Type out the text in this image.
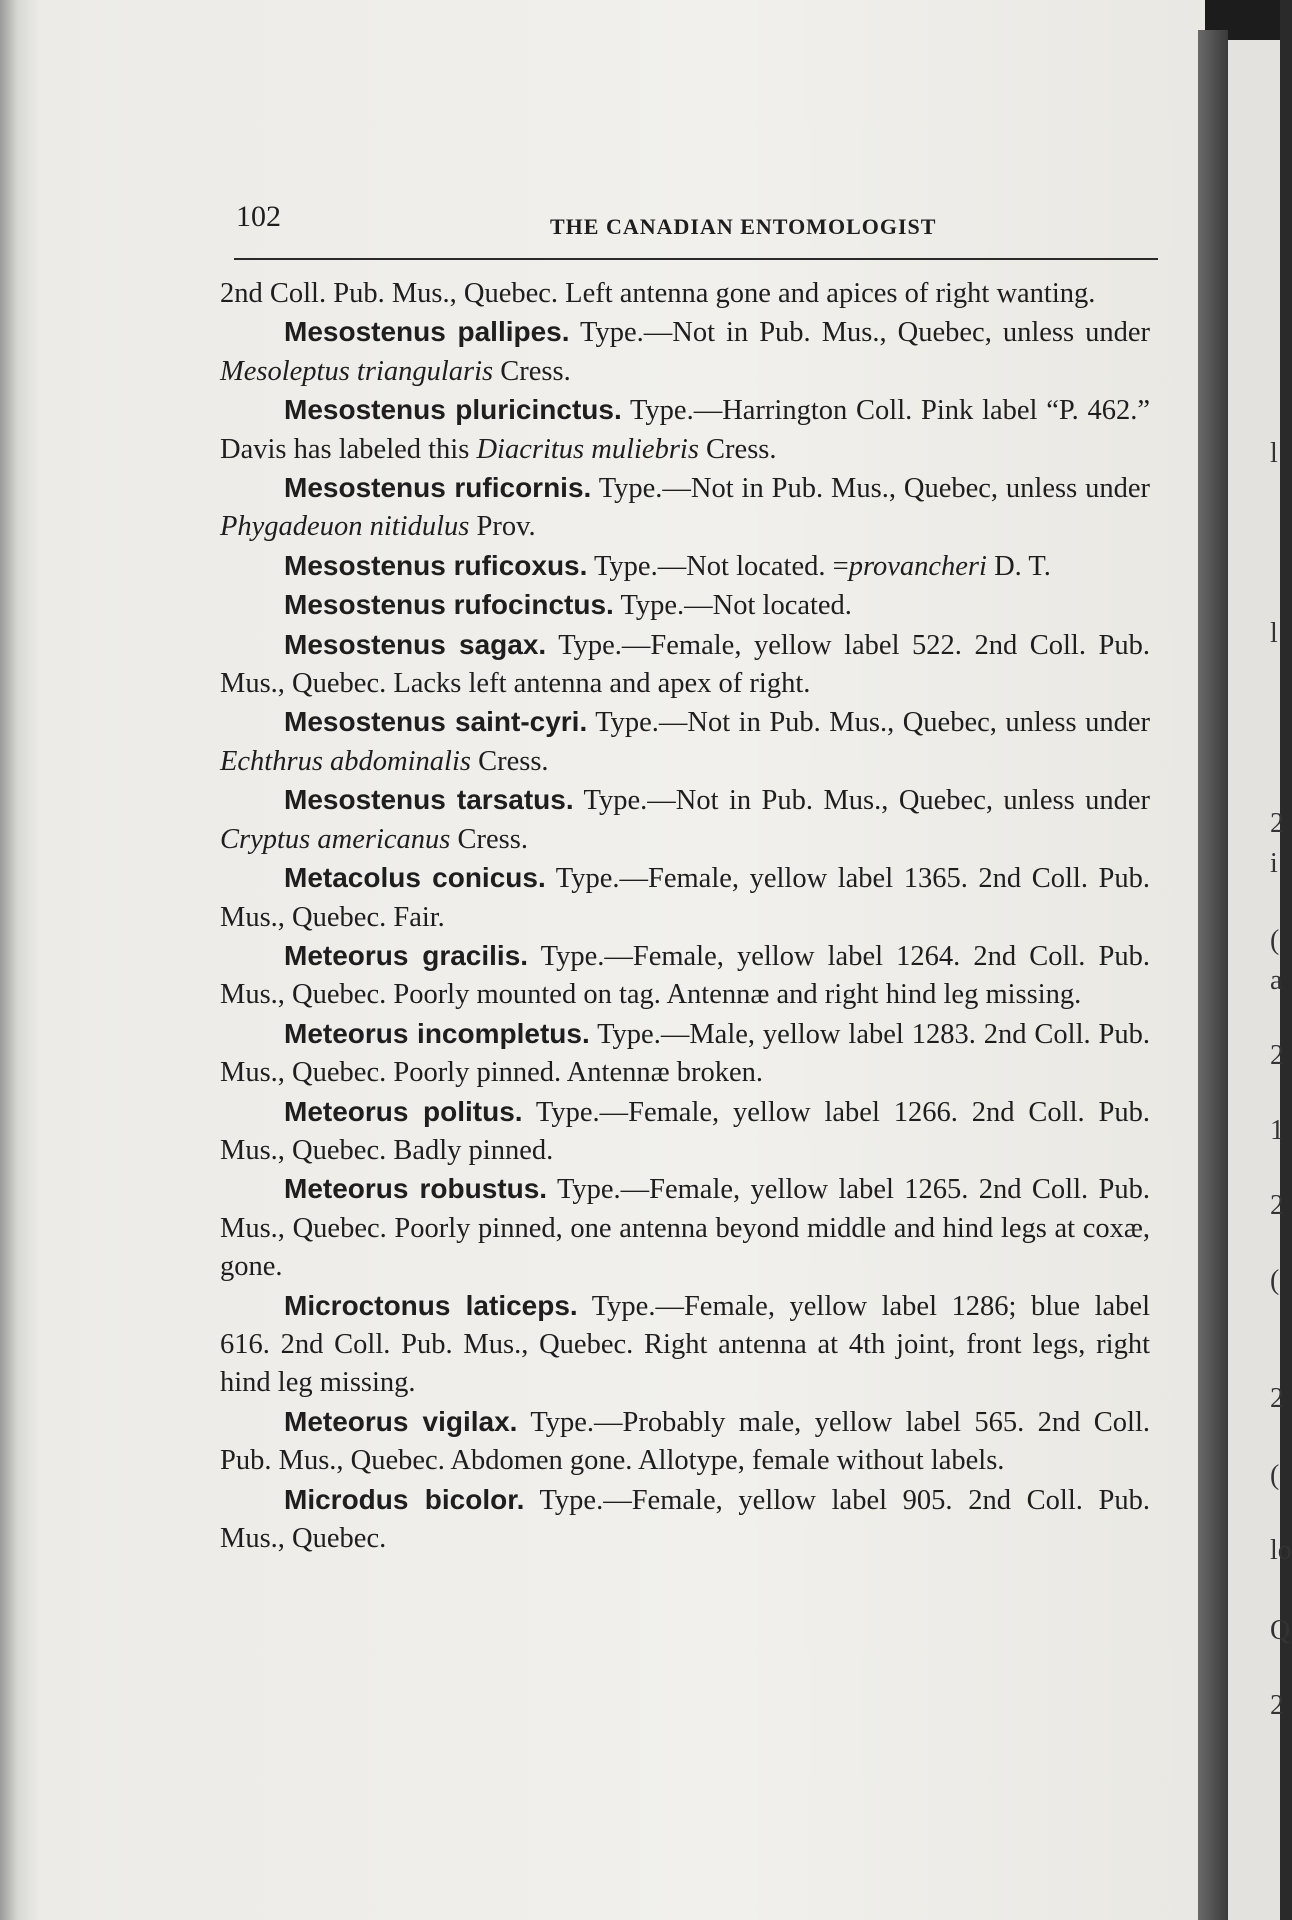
102	THE CANADIAN ENTOMOLOGIST

2nd Coll. Pub. Mus., Quebec. Left antenna gone and apices of right wanting.

Mesostenus pallipes. Type.—Not in Pub. Mus., Quebec, unless under Mesoleptus triangularis Cress.

Mesostenus pluricinctus. Type.—Harrington Coll. Pink label “P. 462.” Davis has labeled this Diacritus muliebris Cress.

Mesostenus ruficornis. Type.—Not in Pub. Mus., Quebec, unless under Phygadeuon nitidulus Prov.

Mesostenus ruficoxus. Type.—Not located. =provancheri D. T.

Mesostenus rufocinctus. Type.—Not located.

Mesostenus sagax. Type.—Female, yellow label 522. 2nd Coll. Pub. Mus., Quebec. Lacks left antenna and apex of right.

Mesostenus saint-cyri. Type.—Not in Pub. Mus., Quebec, unless under Echthrus abdominalis Cress.

Mesostenus tarsatus. Type.—Not in Pub. Mus., Quebec, unless under Cryptus americanus Cress.

Metacolus conicus. Type.—Female, yellow label 1365. 2nd Coll. Pub. Mus., Quebec. Fair.

Meteorus gracilis. Type.—Female, yellow label 1264. 2nd Coll. Pub. Mus., Quebec. Poorly mounted on tag. Antennæ and right hind leg missing.

Meteorus incompletus. Type.—Male, yellow label 1283. 2nd Coll. Pub. Mus., Quebec. Poorly pinned. Antennæ broken.

Meteorus politus. Type.—Female, yellow label 1266. 2nd Coll. Pub. Mus., Quebec. Badly pinned.

Meteorus robustus. Type.—Female, yellow label 1265. 2nd Coll. Pub. Mus., Quebec. Poorly pinned, one antenna beyond middle and hind legs at coxæ, gone.

Microctonus laticeps. Type.—Female, yellow label 1286; blue label 616. 2nd Coll. Pub. Mus., Quebec. Right antenna at 4th joint, front legs, right hind leg missing.

Meteorus vigilax. Type.—Probably male, yellow label 565. 2nd Coll. Pub. Mus., Quebec. Abdomen gone. Allotype, female without labels.

Microdus bicolor. Type.—Female, yellow label 905. 2nd Coll. Pub. Mus., Quebec.

l
l
2
i
(
a
2
1
2
(
2
(
lo
Q
2
